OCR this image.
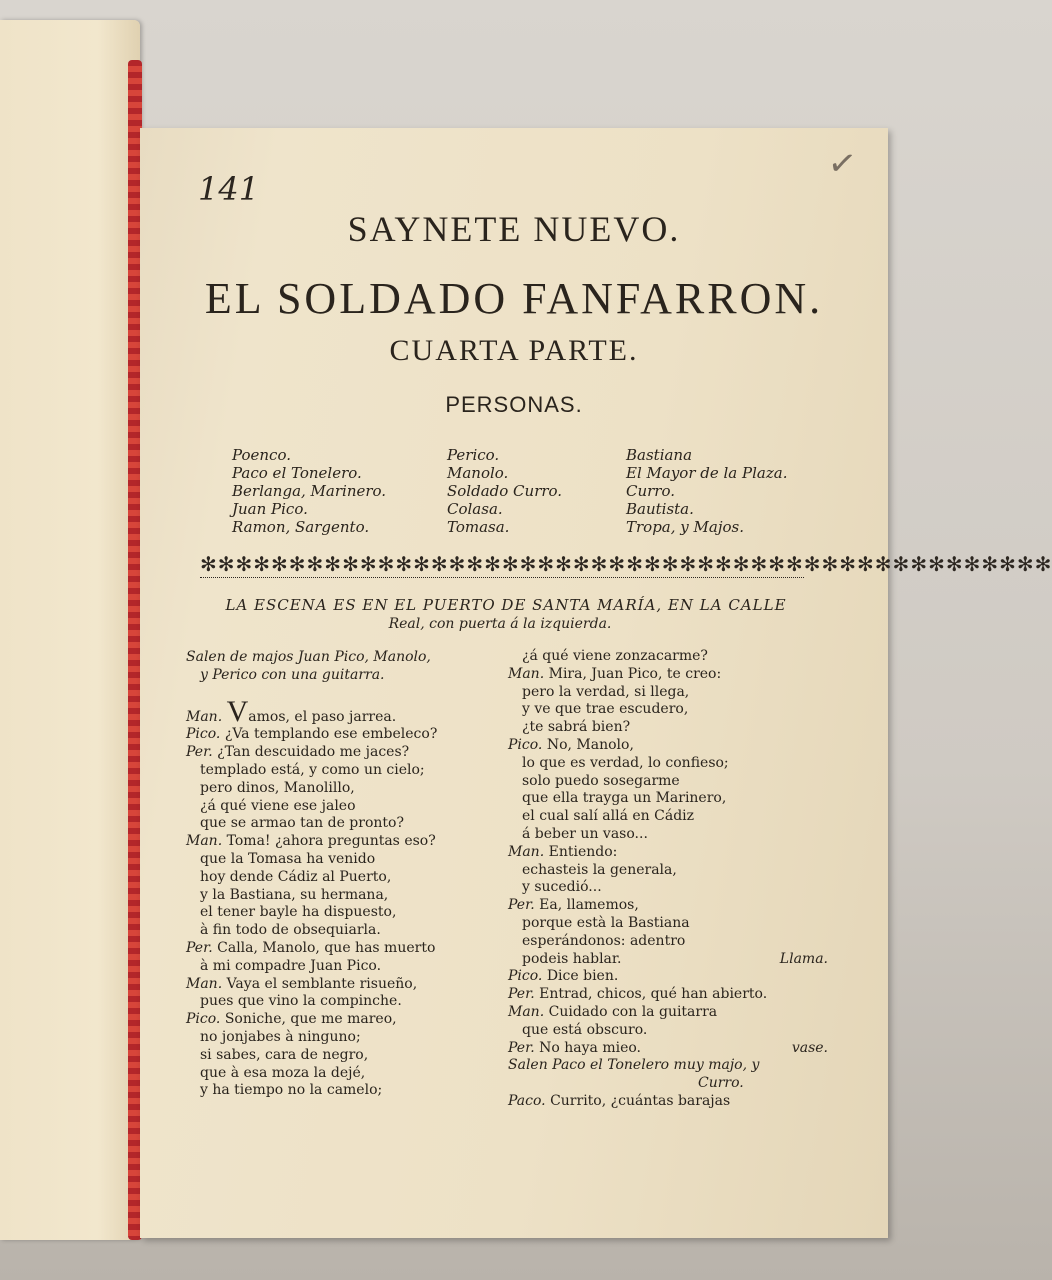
141
✓
SAYNETE NUEVO.
EL SOLDADO FANFARRON.
CUARTA PARTE.
PERSONAS.
Poenco.
Paco el Tonelero.
Berlanga, Marinero.
Juan Pico.
Ramon, Sargento.
Perico.
Manolo.
Soldado Curro.
Colasa.
Tomasa.
Bastiana
El Mayor de la Plaza.
Curro.
Bautista.
Tropa, y Majos.
✻✻✻✻✻✻✻✻✻✻✻✻✻✻✻✻✻✻✻✻✻✻✻✻✻✻✻✻✻✻✻✻✻✻✻✻✻✻✻✻✻✻✻✻✻✻✻✻
LA ESCENA ES EN EL PUERTO DE SANTA MARÍA, EN LA CALLE
Real, con puerta á la izquierda.
Salen de majos Juan Pico, Manolo,
y Perico con una guitarra.
Man. Vamos, el paso jarrea.
Pico. ¿Va templando ese embeleco?
Per. ¿Tan descuidado me jaces?
templado está, y como un cielo;
pero dinos, Manolillo,
¿á qué viene ese jaleo
que se armao tan de pronto?
Man. Toma! ¿ahora preguntas eso?
que la Tomasa ha venido
hoy dende Cádiz al Puerto,
y la Bastiana, su hermana,
el tener bayle ha dispuesto,
à fin todo de obsequiarla.
Per. Calla, Manolo, que has muerto
à mi compadre Juan Pico.
Man. Vaya el semblante risueño,
pues que vino la compinche.
Pico. Soniche, que me mareo,
no jonjabes à ninguno;
si sabes, cara de negro,
que à esa moza la dejé,
y ha tiempo no la camelo;
¿á qué viene zonzacarme?
Man. Mira, Juan Pico, te creo:
pero la verdad, si llega,
y ve que trae escudero,
¿te sabrá bien?
Pico. No, Manolo,
lo que es verdad, lo confieso;
solo puedo sosegarme
que ella trayga un Marinero,
el cual salí allá en Cádiz
á beber un vaso...
Man. Entiendo:
echasteis la generala,
y sucedió...
Per. Ea, llamemos,
porque està la Bastiana
esperándonos: adentro
podeis hablar.	Llama.
Pico. Dice bien.
Per. Entrad, chicos, qué han abierto.
Man. Cuidado con la guitarra
que está obscuro.
Per. No haya mieo.	vase.
Salen Paco el Tonelero muy majo, y
Curro.
Paco. Currito, ¿cuántas barajas
